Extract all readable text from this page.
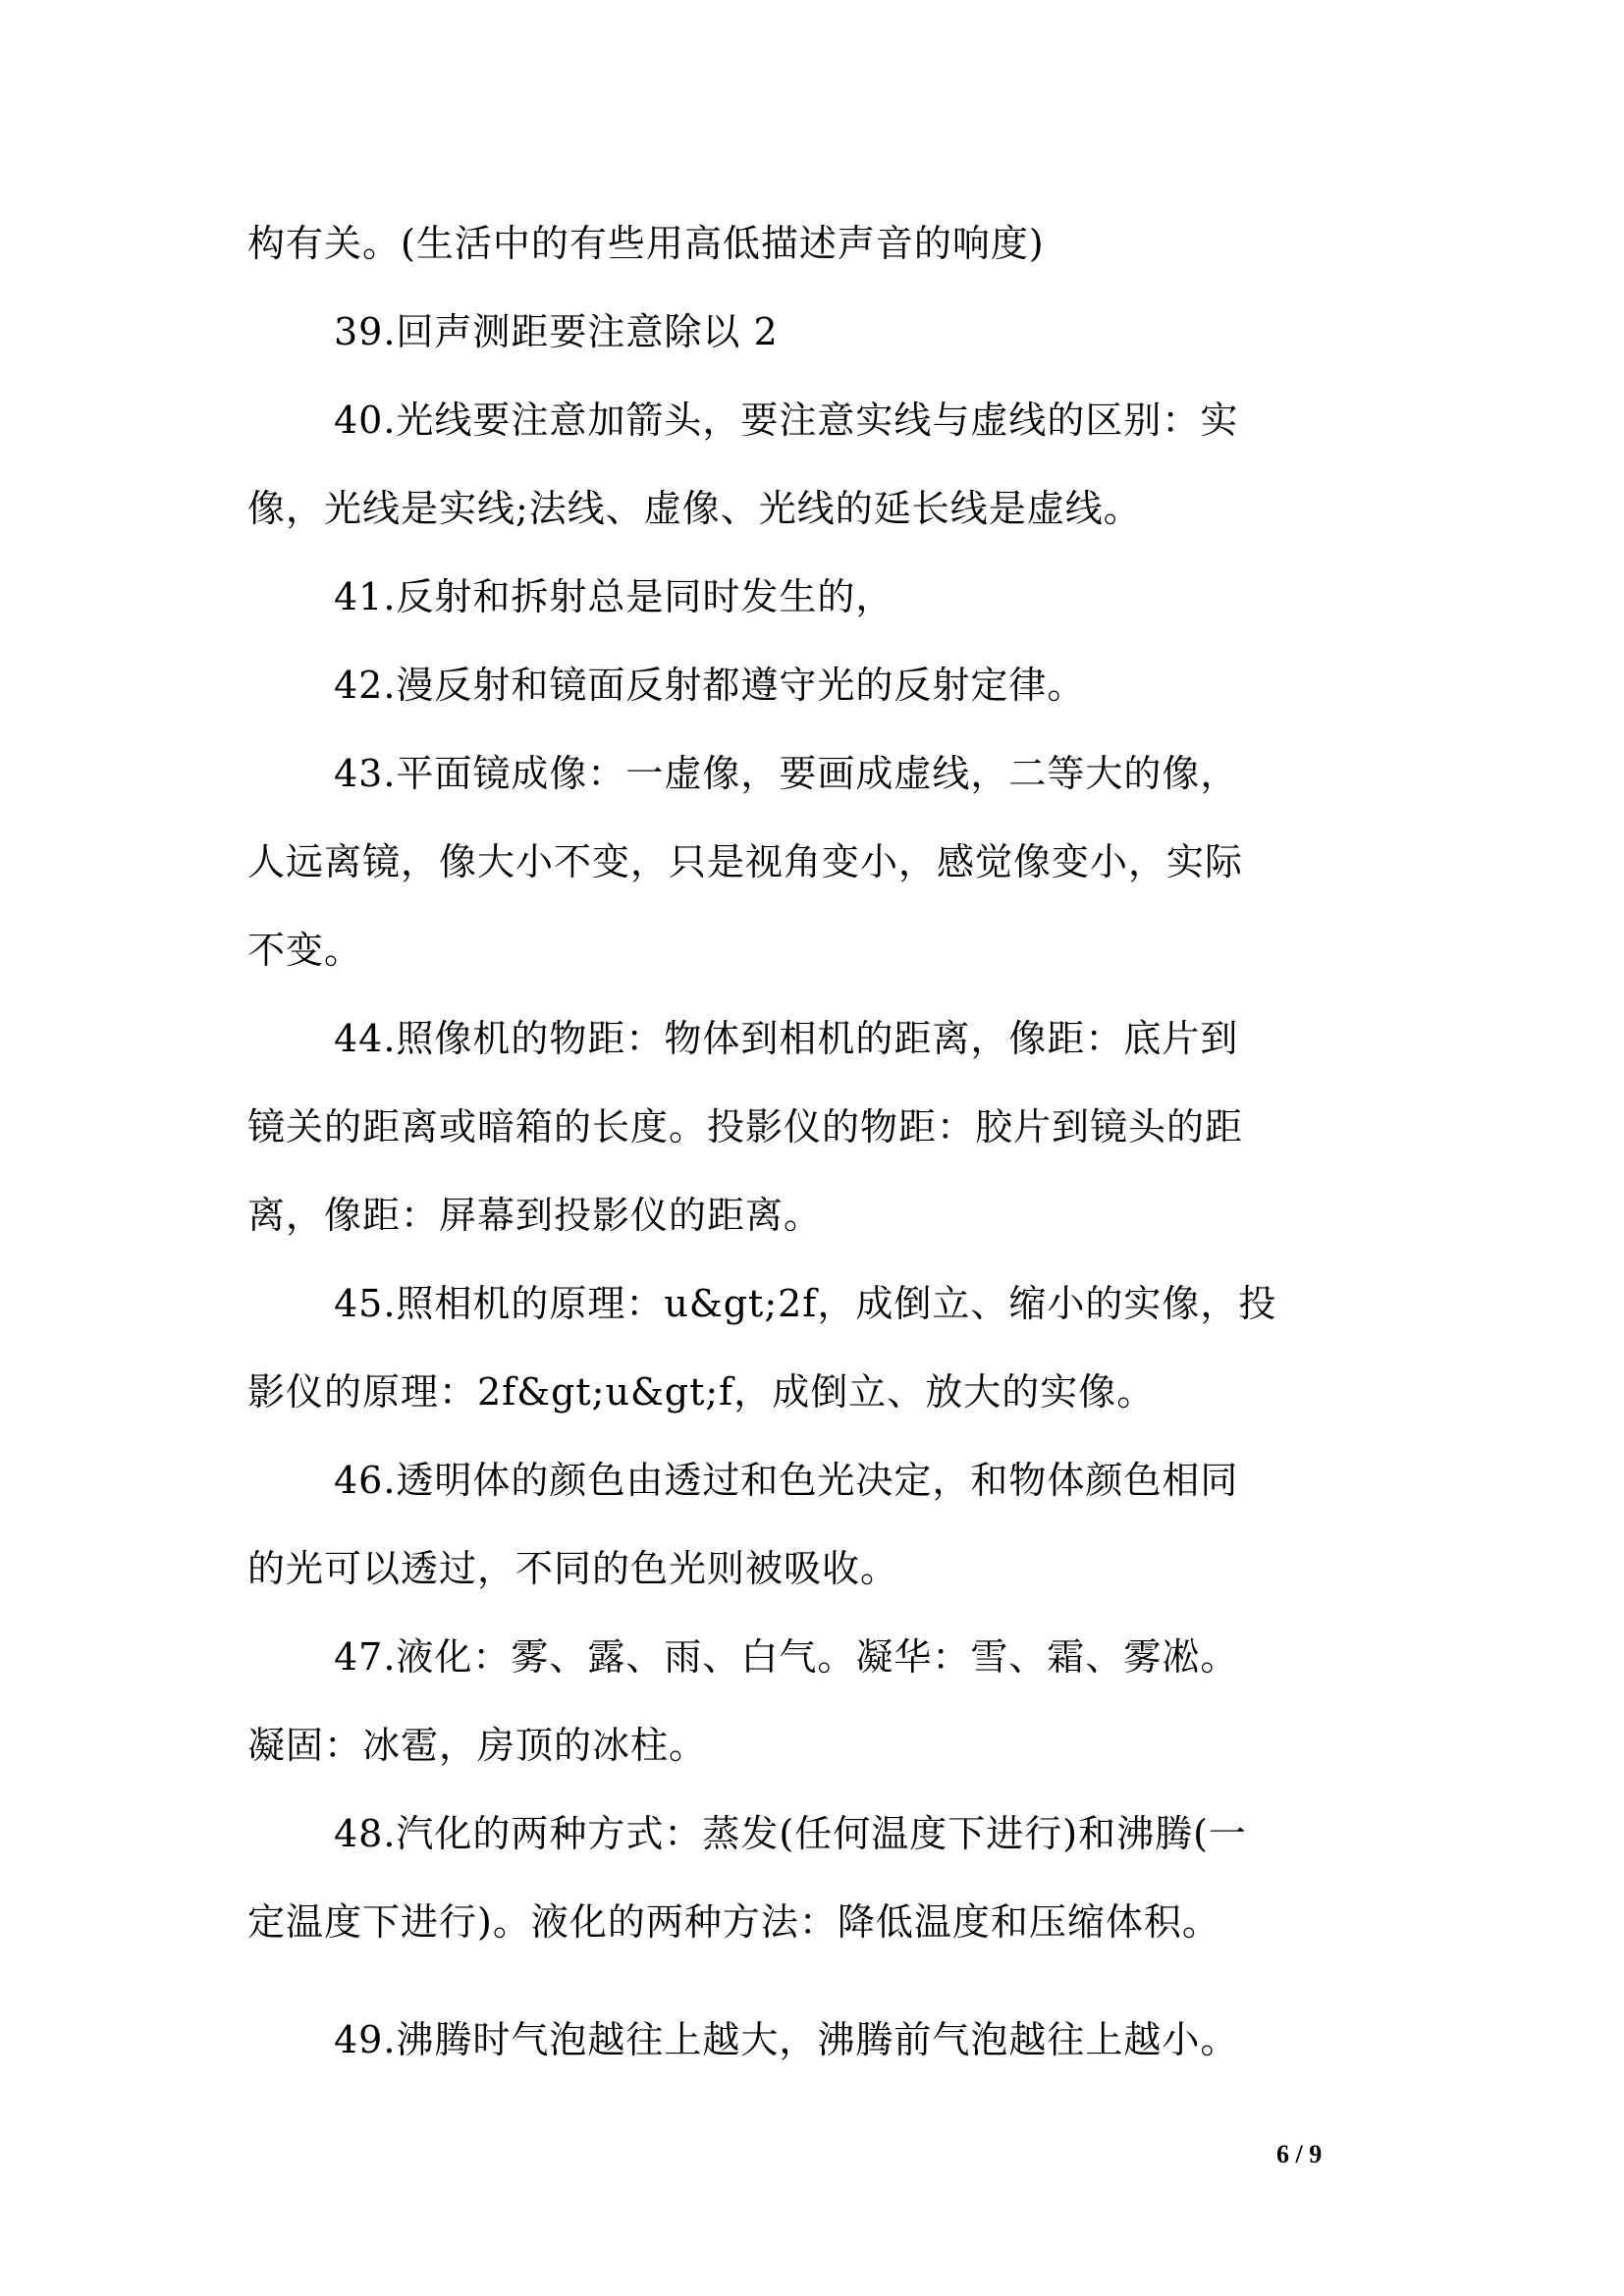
构有关。(生活中的有些用高低描述声音的响度)
39.回声测距要注意除以 2
40.光线要注意加箭头，要注意实线与虚线的区别：实
像，光线是实线;法线、虚像、光线的延长线是虚线。
41.反射和拆射总是同时发生的，
42.漫反射和镜面反射都遵守光的反射定律。
43.平面镜成像：一虚像，要画成虚线，二等大的像，
人远离镜，像大小不变，只是视角变小，感觉像变小，实际
不变。
44.照像机的物距：物体到相机的距离，像距：底片到
镜关的距离或暗箱的长度。投影仪的物距：胶片到镜头的距
离，像距：屏幕到投影仪的距离。
45.照相机的原理：u&gt;2f，成倒立、缩小的实像，投
影仪的原理：2f&gt;u&gt;f，成倒立、放大的实像。
46.透明体的颜色由透过和色光决定，和物体颜色相同
的光可以透过，不同的色光则被吸收。
47.液化：雾、露、雨、白气。凝华：雪、霜、雾凇。
凝固：冰雹，房顶的冰柱。
48.汽化的两种方式：蒸发(任何温度下进行)和沸腾(一
定温度下进行)。液化的两种方法：降低温度和压缩体积。
49.沸腾时气泡越往上越大，沸腾前气泡越往上越小。
6 / 9
